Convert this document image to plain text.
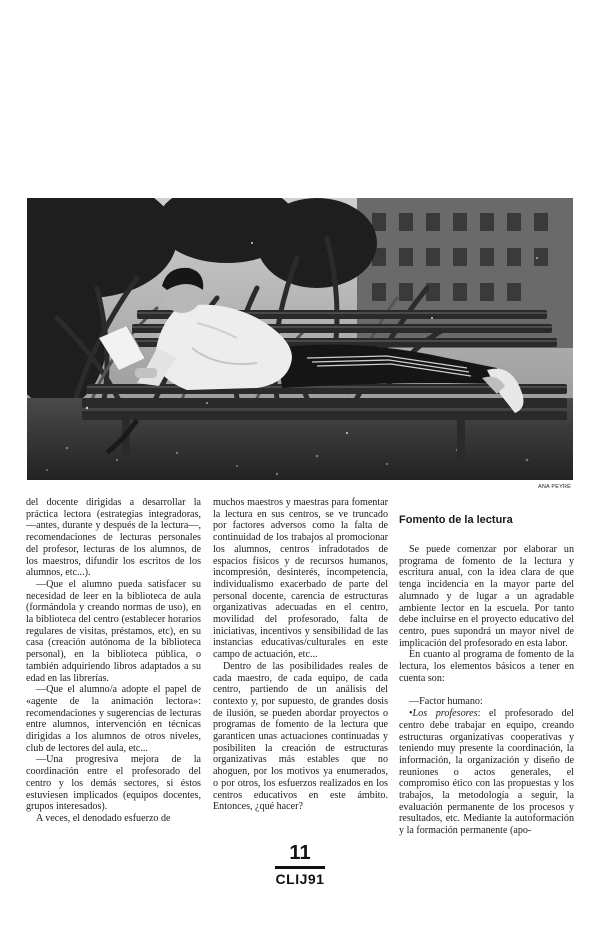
ANA PEYRÉ

del docente dirigidas a desarrollar la práctica lectora (estrategias integradoras, —antes, durante y después de la lectura—, recomendaciones de lecturas personales del profesor, lecturas de los alumnos, de los maestros, difundir los escritos de los alumnos, etc...).

—Que el alumno pueda satisfacer su necesidad de leer en la biblioteca de aula (formándola y creando normas de uso), en la biblioteca del centro (establecer horarios regulares de visitas, préstamos, etc), en su casa (creación autónoma de la biblioteca personal), en la biblioteca pública, o también adquiriendo libros adaptados a su edad en las librerías.

—Que el alumno/a adopte el papel de «agente de la animación lectora»: recomendaciones y sugerencias de lecturas entre alumnos, intervención en técnicas dirigidas a los alumnos de otros niveles, club de lectores del aula, etc...

—Una progresiva mejora de la coordinación entre el profesorado del centro y los demás sectores, si éstos estuviesen implicados (equipos docentes, grupos interesados).

A veces, el denodado esfuerzo de

muchos maestros y maestras para fomentar la lectura en sus centros, se ve truncado por factores adversos como la falta de continuidad de los trabajos al promocionar los alumnos, centros infradotados de espacios físicos y de recursos humanos, incompresión, desinterés, incompetencia, individualismo exacerbado de parte del personal docente, carencia de estructuras organizativas adecuadas en el centro, movilidad del profesorado, falta de iniciativas, incentivos y sensibilidad de las instancias educativas/culturales en este campo de actuación, etc...

Dentro de las posibilidades reales de cada maestro, de cada equipo, de cada centro, partiendo de un análisis del contexto y, por supuesto, de grandes dosis de ilusión, se pueden abordar proyectos o programas de fomento de la lectura que garanticen unas actuaciones continuadas y posibiliten la creación de estructuras organizativas más estables que no ahoguen, por los motivos ya enumerados, o por otros, los esfuerzos realizados en los centros educativos en este ámbito. Entonces, ¿qué hacer?

Fomento de la lectura

Se puede comenzar por elaborar un programa de fomento de la lectura y escritura anual, con la idea clara de que tenga incidencia en la mayor parte del alumnado y de lugar a un agradable ambiente lector en la escuela. Por tanto debe incluirse en el proyecto educativo del centro, pues supondrá un mayor nivel de implicación del profesorado en esta labor.

En cuanto al programa de fomento de la lectura, los elementos básicos a tener en cuenta son:

—Factor humano:

•Los profesores: el profesorado del centro debe trabajar en equipo, creando estructuras organizativas cooperativas y teniendo muy presente la coordinación, la información, la organización y diseño de reuniones o actos generales, el compromiso ético con las propuestas y los trabajos, la metodología a seguir, la evaluación permanente de los procesos y resultados, etc. Mediante la autoformación y la formación permanente (apo-

11
CLIJ91
